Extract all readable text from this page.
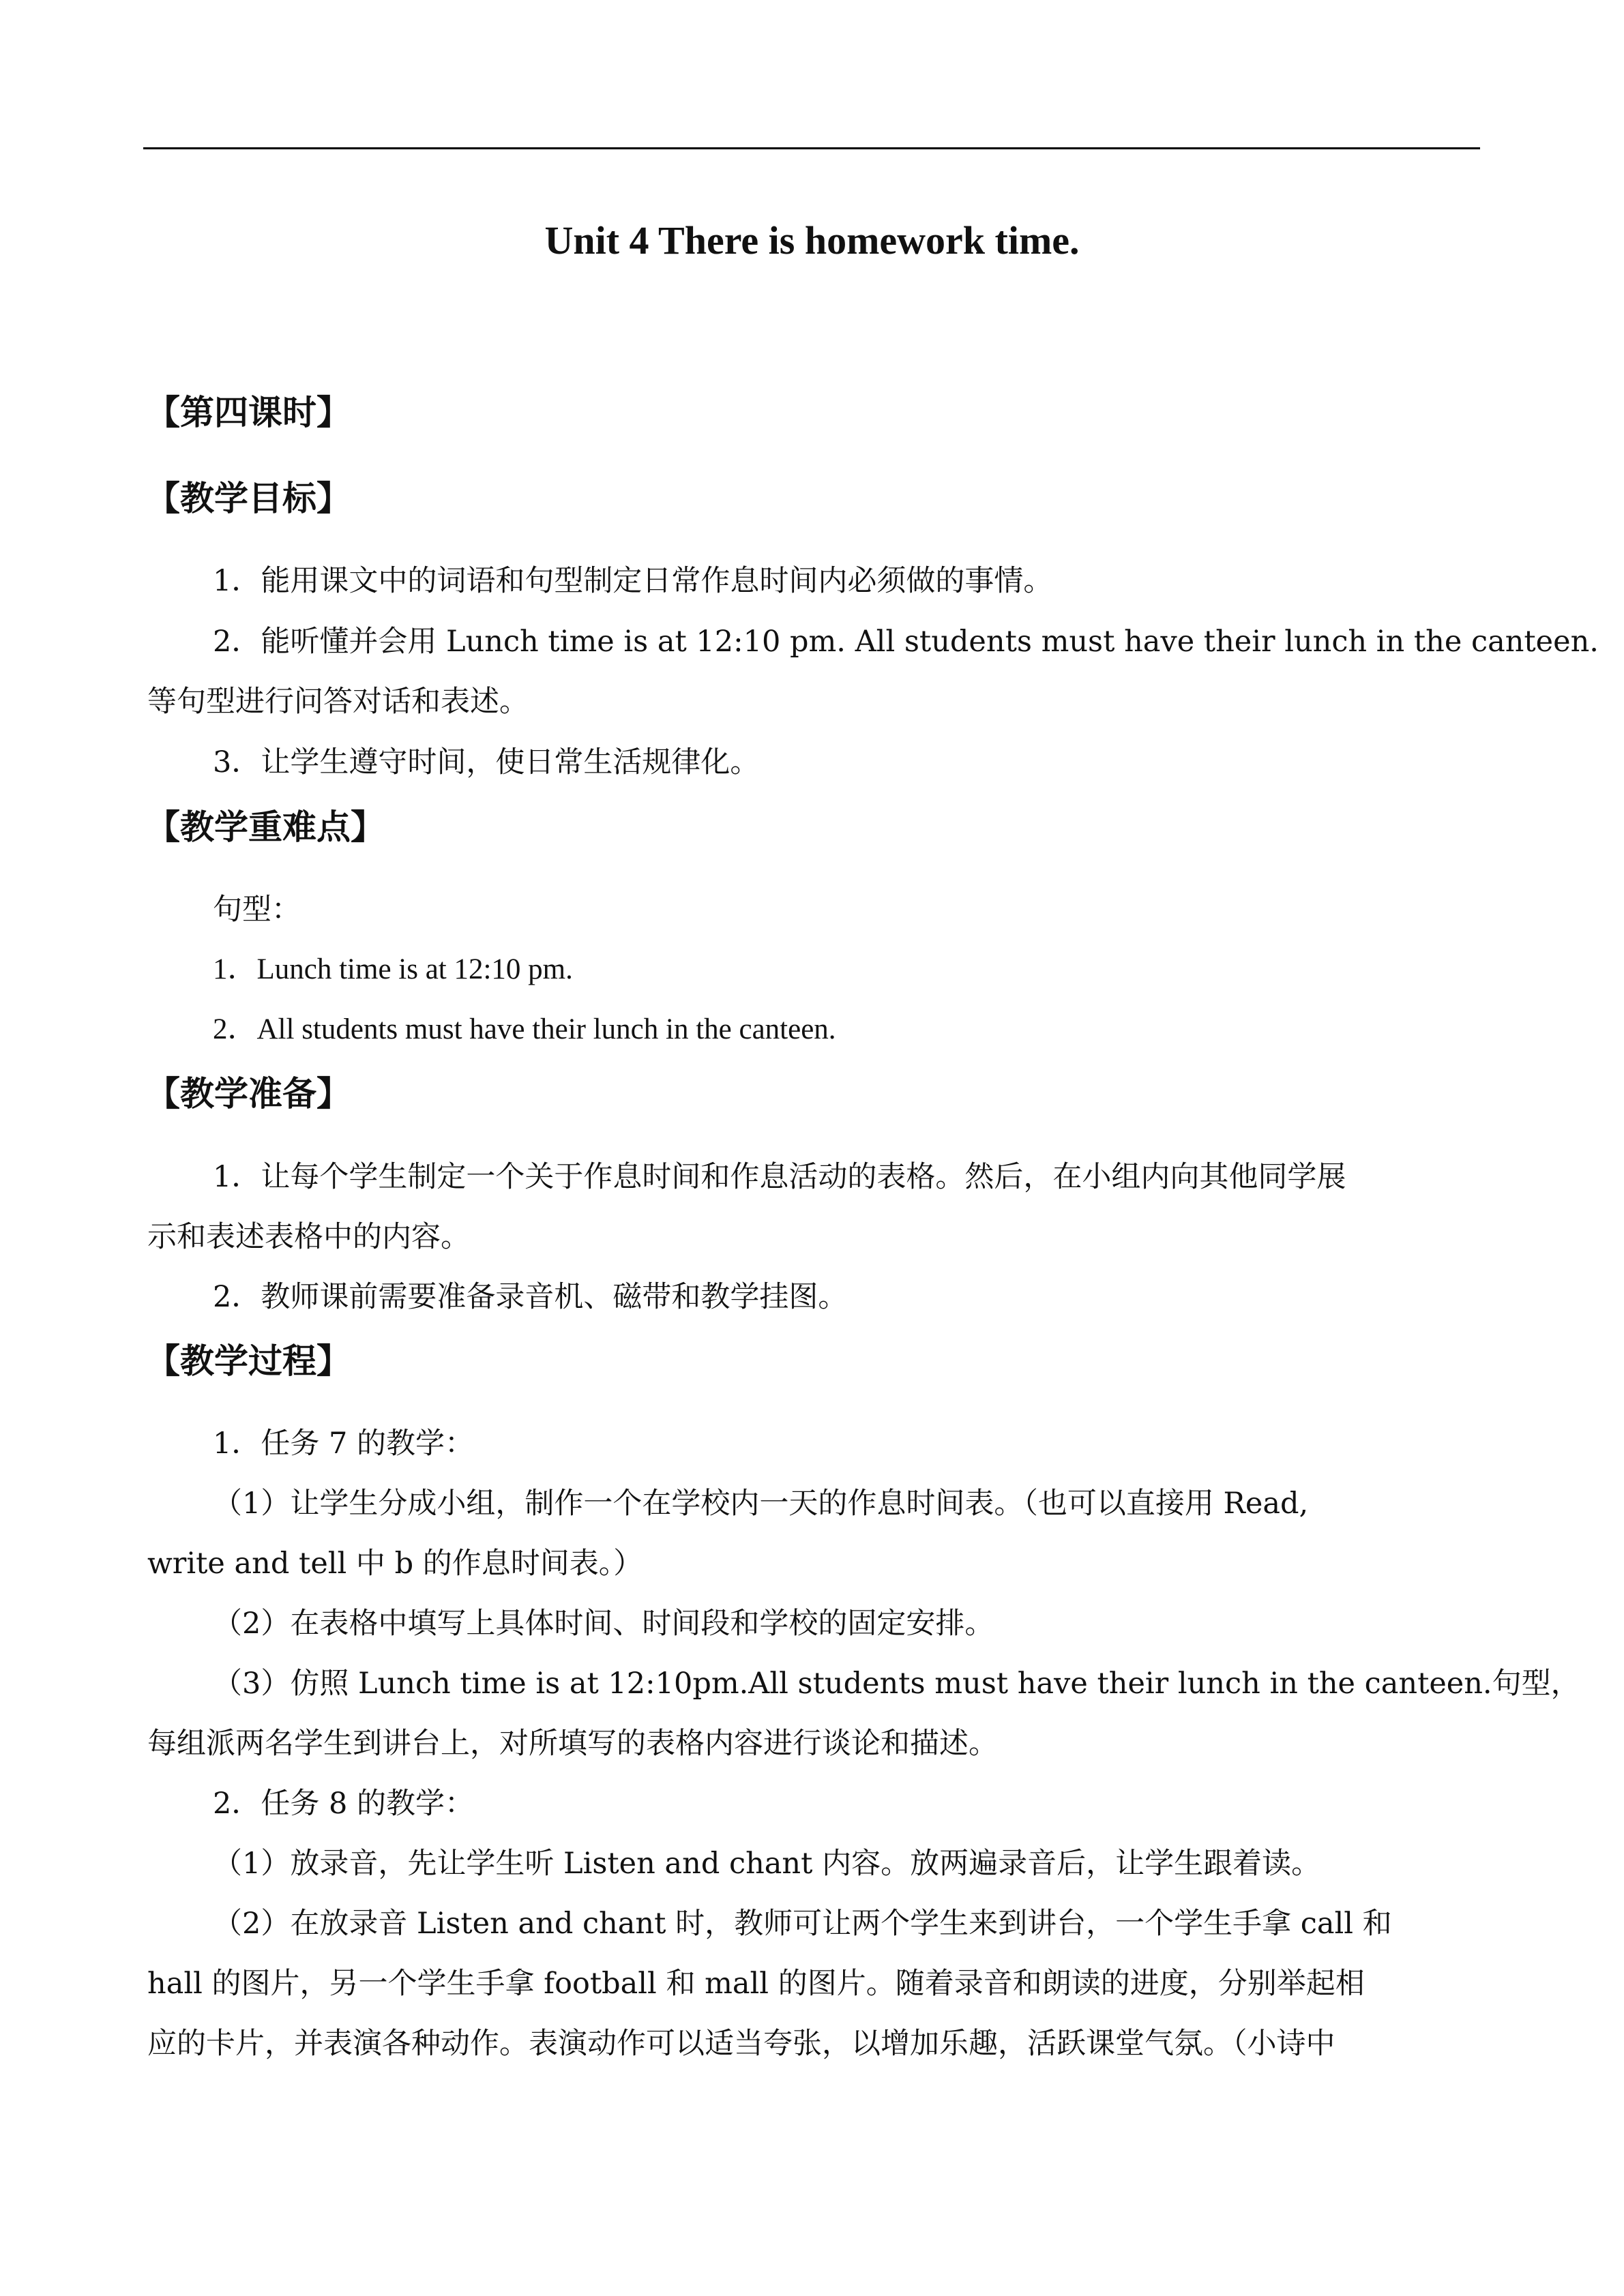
Unit 4 There is homework time.
【第四课时】
【教学目标】
1．能用课文中的词语和句型制定日常作息时间内必须做的事情。
2．能听懂并会用 Lunch time is at 12:10 pm. All students must have their lunch in the canteen.
等句型进行问答对话和表述。
3．让学生遵守时间，使日常生活规律化。
【教学重难点】
句型：
1．Lunch time is at 12:10 pm.
2．All students must have their lunch in the canteen.
【教学准备】
1．让每个学生制定一个关于作息时间和作息活动的表格。然后，在小组内向其他同学展
示和表述表格中的内容。
2．教师课前需要准备录音机、磁带和教学挂图。
【教学过程】
1．任务 7 的教学：
（1）让学生分成小组，制作一个在学校内一天的作息时间表。（也可以直接用 Read,
write and tell 中 b 的作息时间表。）
（2）在表格中填写上具体时间、时间段和学校的固定安排。
（3）仿照 Lunch time is at 12:10pm.All students must have their lunch in the canteen.句型，
每组派两名学生到讲台上，对所填写的表格内容进行谈论和描述。
2．任务 8 的教学：
（1）放录音，先让学生听 Listen and chant 内容。放两遍录音后，让学生跟着读。
（2）在放录音 Listen and chant 时，教师可让两个学生来到讲台，一个学生手拿 call 和
hall 的图片，另一个学生手拿 football 和 mall 的图片。随着录音和朗读的进度，分别举起相
应的卡片，并表演各种动作。表演动作可以适当夸张，以增加乐趣，活跃课堂气氛。（小诗中
